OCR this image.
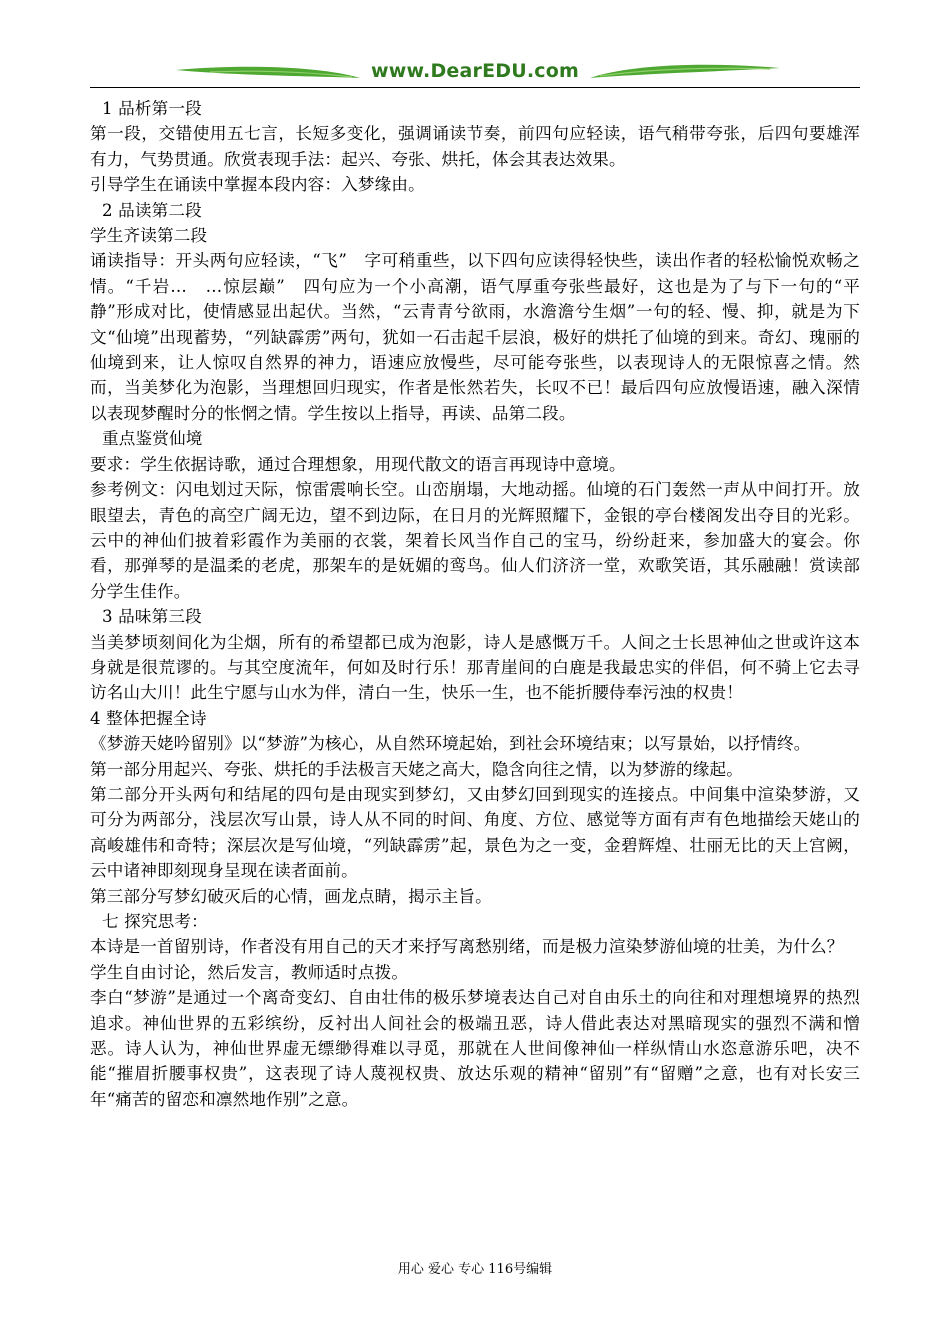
www.DearEDU.com

1 品析第一段

第一段，交错使用五七言，长短多变化，强调诵读节奏，前四句应轻读，语气稍带夸张，后四句要雄浑有力，气势贯通。欣赏表现手法：起兴、夸张、烘托，体会其表达效果。

引导学生在诵读中掌握本段内容：入梦缘由。

2 品读第二段

学生齐读第二段

诵读指导：开头两句应轻读，“飞”　字可稍重些，以下四句应读得轻快些，读出作者的轻松愉悦欢畅之情。“千岩…　…惊层巅”　四句应为一个小高潮，语气厚重夸张些最好，这也是为了与下一句的“平静”形成对比，使情感显出起伏。当然，“云青青兮欲雨，水澹澹兮生烟”一句的轻、慢、抑，就是为下文“仙境”出现蓄势，“列缺霹雳”两句，犹如一石击起千层浪，极好的烘托了仙境的到来。奇幻、瑰丽的仙境到来，让人惊叹自然界的神力，语速应放慢些，尽可能夸张些，以表现诗人的无限惊喜之情。然而，当美梦化为泡影，当理想回归现实，作者是怅然若失，长叹不已！最后四句应放慢语速，融入深情以表现梦醒时分的怅惘之情。学生按以上指导，再读、品第二段。

重点鉴赏仙境

要求：学生依据诗歌，通过合理想象，用现代散文的语言再现诗中意境。

参考例文：闪电划过天际，惊雷震响长空。山峦崩塌，大地动摇。仙境的石门轰然一声从中间打开。放眼望去，青色的高空广阔无边，望不到边际，在日月的光辉照耀下，金银的亭台楼阁发出夺目的光彩。云中的神仙们披着彩霞作为美丽的衣裳，架着长风当作自己的宝马，纷纷赶来，参加盛大的宴会。你看，那弹琴的是温柔的老虎，那架车的是妩媚的鸾鸟。仙人们济济一堂，欢歌笑语，其乐融融！赏读部分学生佳作。

3 品味第三段

当美梦顷刻间化为尘烟，所有的希望都已成为泡影，诗人是感慨万千。人间之士长思神仙之世或许这本身就是很荒谬的。与其空度流年，何如及时行乐！那青崖间的白鹿是我最忠实的伴侣，何不骑上它去寻访名山大川！此生宁愿与山水为伴，清白一生，快乐一生，也不能折腰侍奉污浊的权贵！

4 整体把握全诗

《梦游天姥吟留别》以“梦游”为核心，从自然环境起始，到社会环境结束；以写景始，以抒情终。

第一部分用起兴、夸张、烘托的手法极言天姥之高大，隐含向往之情，以为梦游的缘起。

第二部分开头两句和结尾的四句是由现实到梦幻，又由梦幻回到现实的连接点。中间集中渲染梦游，又可分为两部分，浅层次写山景，诗人从不同的时间、角度、方位、感觉等方面有声有色地描绘天姥山的高峻雄伟和奇特；深层次是写仙境，“列缺霹雳”起，景色为之一变，金碧辉煌、壮丽无比的天上宫阙，云中诸神即刻现身呈现在读者面前。

第三部分写梦幻破灭后的心情，画龙点睛，揭示主旨。

七 探究思考：

本诗是一首留别诗，作者没有用自己的天才来抒写离愁别绪，而是极力渲染梦游仙境的壮美，为什么？

学生自由讨论，然后发言，教师适时点拨。

李白“梦游”是通过一个离奇变幻、自由壮伟的极乐梦境表达自己对自由乐土的向往和对理想境界的热烈追求。神仙世界的五彩缤纷，反衬出人间社会的极端丑恶，诗人借此表达对黑暗现实的强烈不满和憎恶。诗人认为，神仙世界虚无缥缈得难以寻觅，那就在人世间像神仙一样纵情山水恣意游乐吧，决不能“摧眉折腰事权贵”，这表现了诗人蔑视权贵、放达乐观的精神“留别”有“留赠”之意，也有对长安三年“痛苦的留恋和凛然地作别”之意。

用心 爱心 专心 116号编辑
